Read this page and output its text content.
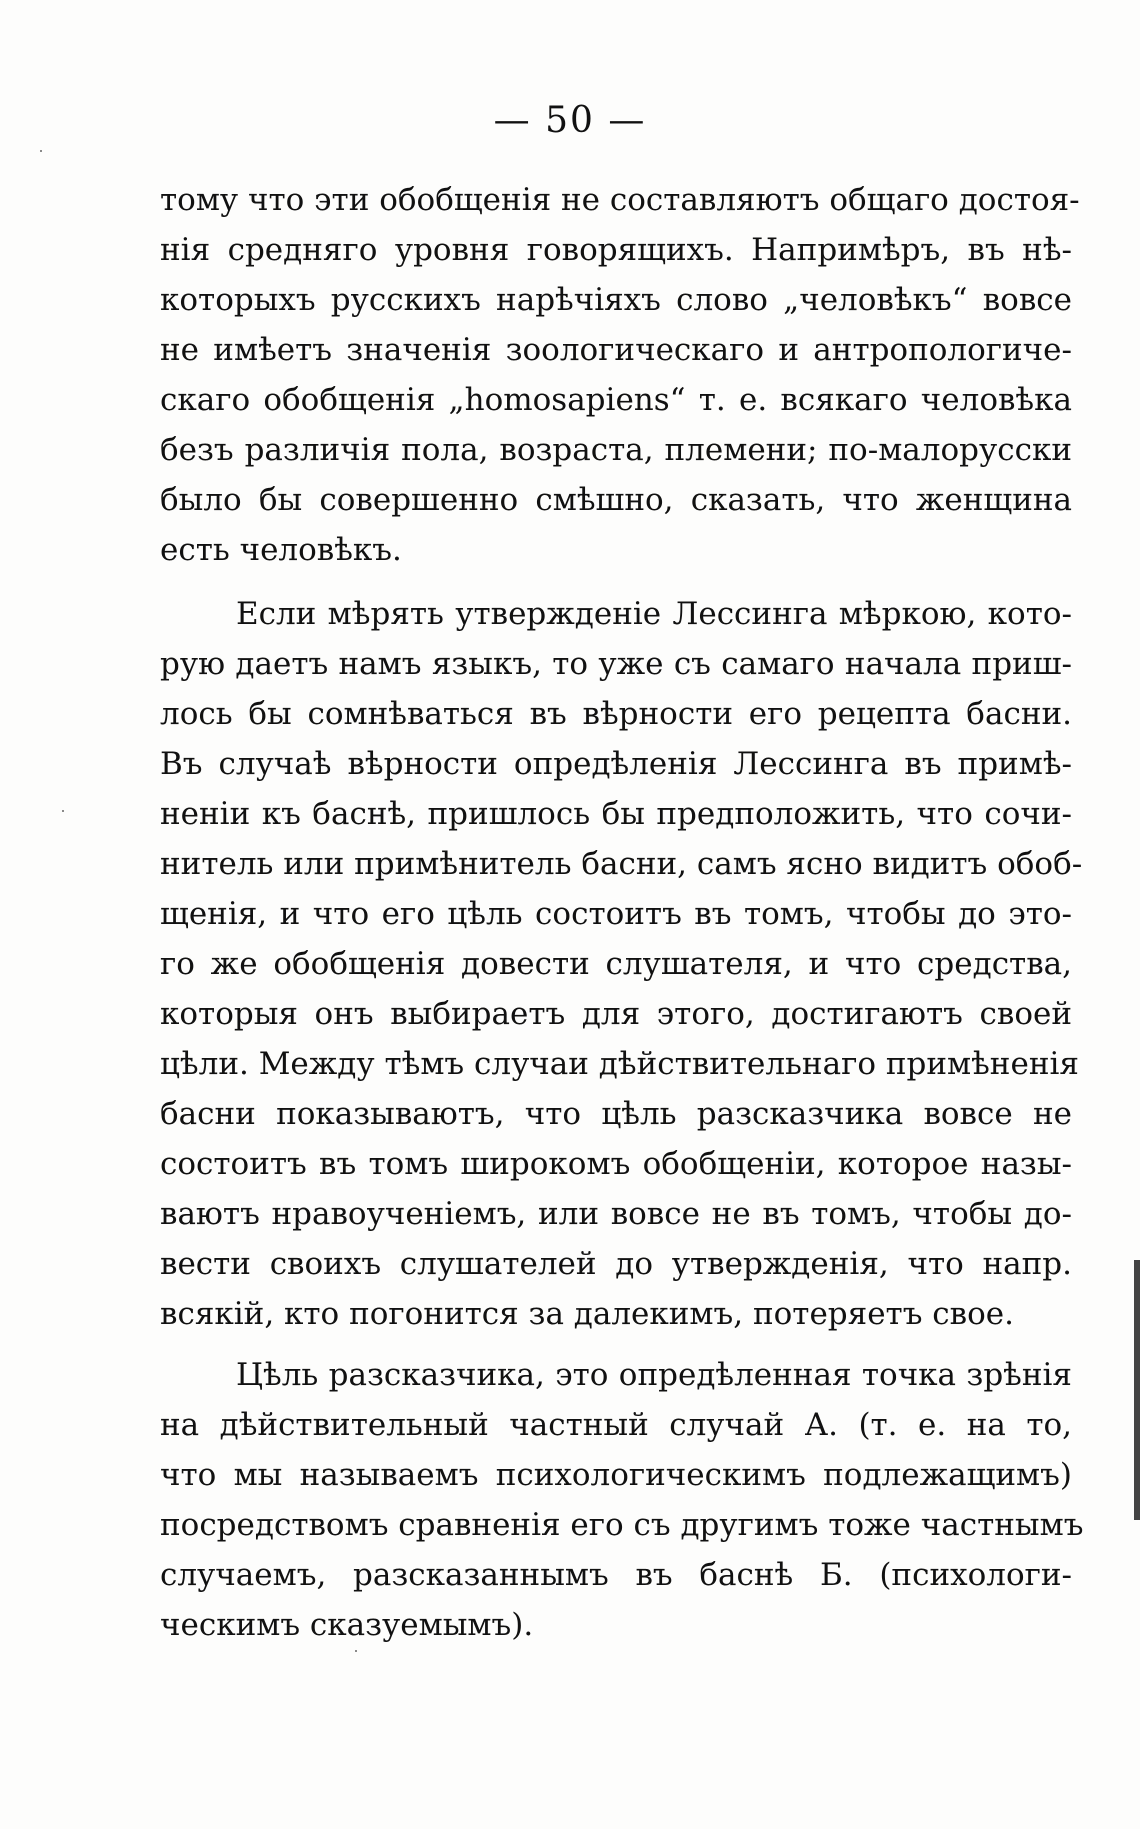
— 50 —
тому что эти обобщенія не составляютъ общаго достоя-
нія средняго уровня говорящихъ. Напримѣръ, въ нѣ-
которыхъ русскихъ нарѣчіяхъ слово „человѣкъ“ вовсе
не имѣетъ значенія зоологическаго и антропологиче-
скаго обобщенія „homosapiens“ т. е. всякаго человѣка
безъ различія пола, возраста, племени; по-малорусски
было бы совершенно смѣшно, сказать, что женщина
есть человѣкъ.
Если мѣрять утвержденіе Лессинга мѣркою, кото-
рую даетъ намъ языкъ, то уже съ самаго начала приш-
лось бы сомнѣваться въ вѣрности его рецепта басни.
Въ случаѣ вѣрности опредѣленія Лессинга въ примѣ-
неніи къ баснѣ, пришлось бы предположить, что сочи-
нитель или примѣнитель басни, самъ ясно видитъ обоб-
щенія, и что его цѣль состоитъ въ томъ, чтобы до это-
го же обобщенія довести слушателя, и что средства,
которыя онъ выбираетъ для этого, достигаютъ своей
цѣли. Между тѣмъ случаи дѣйствительнаго примѣненія
басни показываютъ, что цѣль разсказчика вовсе не
состоитъ въ томъ широкомъ обобщеніи, которое назы-
ваютъ нравоученіемъ, или вовсе не въ томъ, чтобы до-
вести своихъ слушателей до утвержденія, что напр.
всякій, кто погонится за далекимъ, потеряетъ свое.
Цѣль разсказчика, это опредѣленная точка зрѣнія
на дѣйствительный частный случай А. (т. е. на то,
что мы называемъ психологическимъ подлежащимъ)
посредствомъ сравненія его съ другимъ тоже частнымъ
случаемъ, разсказаннымъ въ баснѣ Б. (психологи-
ческимъ сказуемымъ).
